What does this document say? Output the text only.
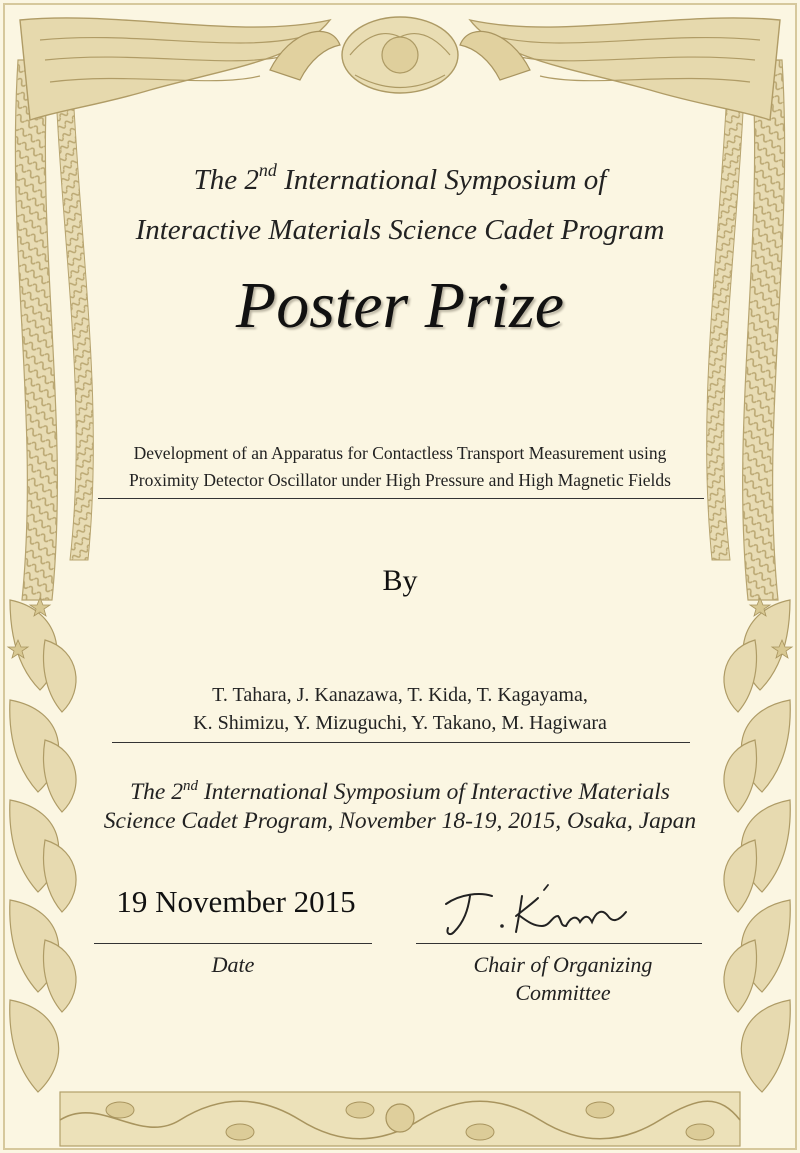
The 2nd International Symposium of
Interactive Materials Science Cadet Program
Poster Prize
Development of an Apparatus for Contactless Transport Measurement using
Proximity Detector Oscillator under High Pressure and High Magnetic Fields
By
T. Tahara, J. Kanazawa, T. Kida, T. Kagayama,
K. Shimizu, Y. Mizuguchi, Y. Takano, M. Hagiwara
The 2nd International Symposium of Interactive Materials
Science Cadet Program, November 18-19, 2015, Osaka, Japan
19 November 2015
Date	Chair of Organizing
Committee
